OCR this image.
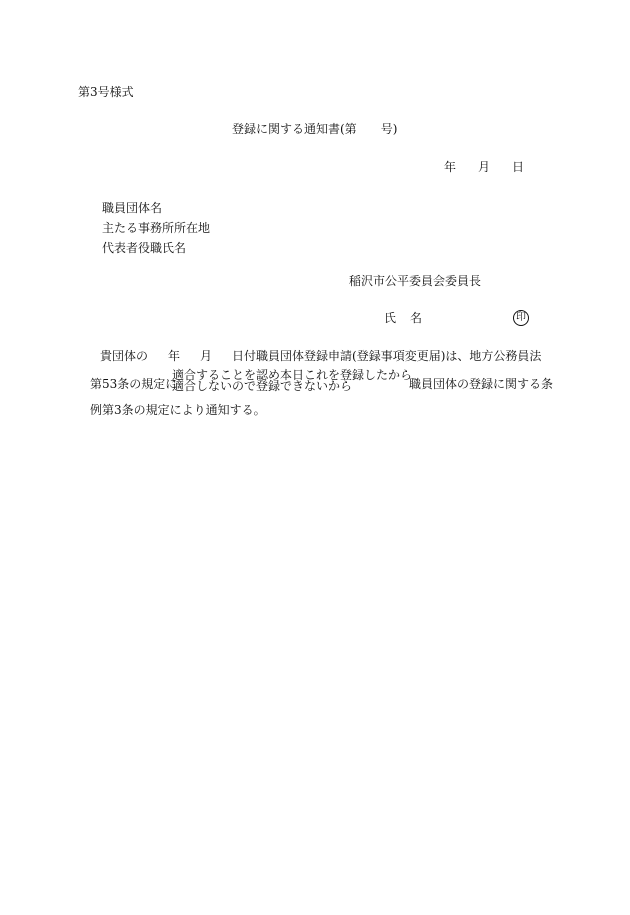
第3号様式
登録に関する通知書(第　　 号)
年 月 日
職員団体名
主たる事務所所在地
代表者役職氏名
稲沢市公平委員会委員長
氏 名	印
貴団体の 年 月 日付職員団体登録申請(登録事項変更届)は、地方公務員法
第53条の規定に
適合することを認め本日これを登録したから
適合しないので登録できないから	職員団体の登録に関する条
例第3条の規定により通知する。
